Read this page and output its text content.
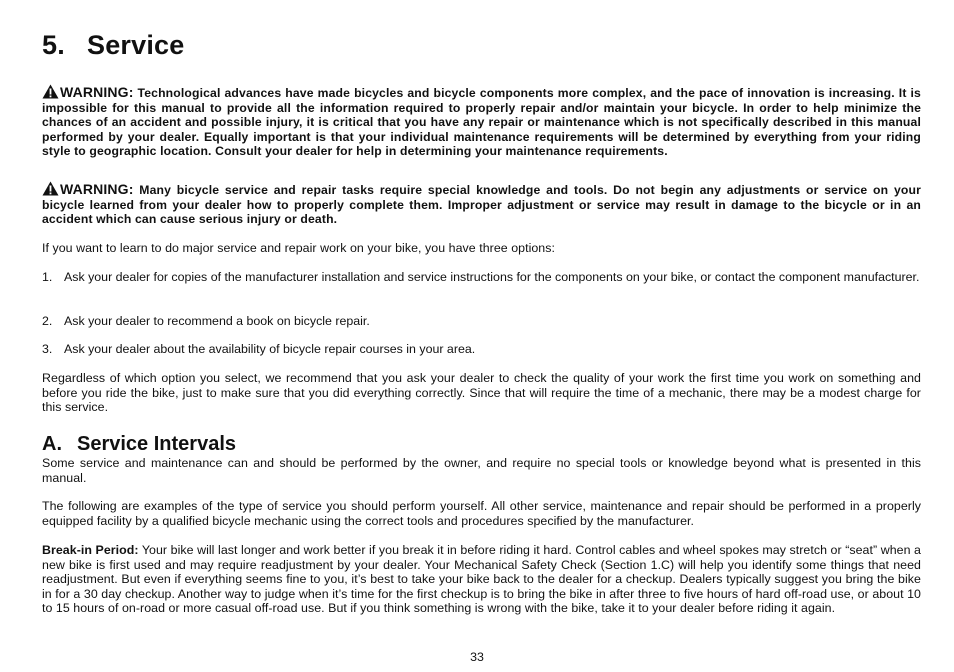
5. Service

WARNING: Technological advances have made bicycles and bicycle components more complex, and the pace of innovation is increasing. It is impossible for this manual to provide all the information required to properly repair and/or maintain your bicycle. In order to help minimize the chances of an accident and possible injury, it is critical that you have any repair or maintenance which is not specifically described in this manual performed by your dealer. Equally important is that your individual maintenance requirements will be determined by everything from your riding style to geographic location. Consult your dealer for help in determining your maintenance requirements.

WARNING: Many bicycle service and repair tasks require special knowledge and tools. Do not begin any adjustments or service on your bicycle learned from your dealer how to properly complete them. Improper adjustment or service may result in damage to the bicycle or in an accident which can cause serious injury or death.

If you want to learn to do major service and repair work on your bike, you have three options:

1. Ask your dealer for copies of the manufacturer installation and service instructions for the components on your bike, or contact the component manufacturer.

2. Ask your dealer to recommend a book on bicycle repair.

3. Ask your dealer about the availability of bicycle repair courses in your area.

Regardless of which option you select, we recommend that you ask your dealer to check the quality of your work the first time you work on something and before you ride the bike, just to make sure that you did everything correctly. Since that will require the time of a mechanic, there may be a modest charge for this service.

A. Service Intervals

Some service and maintenance can and should be performed by the owner, and require no special tools or knowledge beyond what is presented in this manual.

The following are examples of the type of service you should perform yourself. All other service, maintenance and repair should be performed in a properly equipped facility by a qualified bicycle mechanic using the correct tools and procedures specified by the manufacturer.

Break-in Period: Your bike will last longer and work better if you break it in before riding it hard. Control cables and wheel spokes may stretch or “seat” when a new bike is first used and may require readjustment by your dealer. Your Mechanical Safety Check (Section 1.C) will help you identify some things that need readjustment. But even if everything seems fine to you, it’s best to take your bike back to the dealer for a checkup. Dealers typically suggest you bring the bike in for a 30 day checkup. Another way to judge when it’s time for the first checkup is to bring the bike in after three to five hours of hard off-road use, or about 10 to 15 hours of on-road or more casual off-road use. But if you think something is wrong with the bike, take it to your dealer before riding it again.

33
